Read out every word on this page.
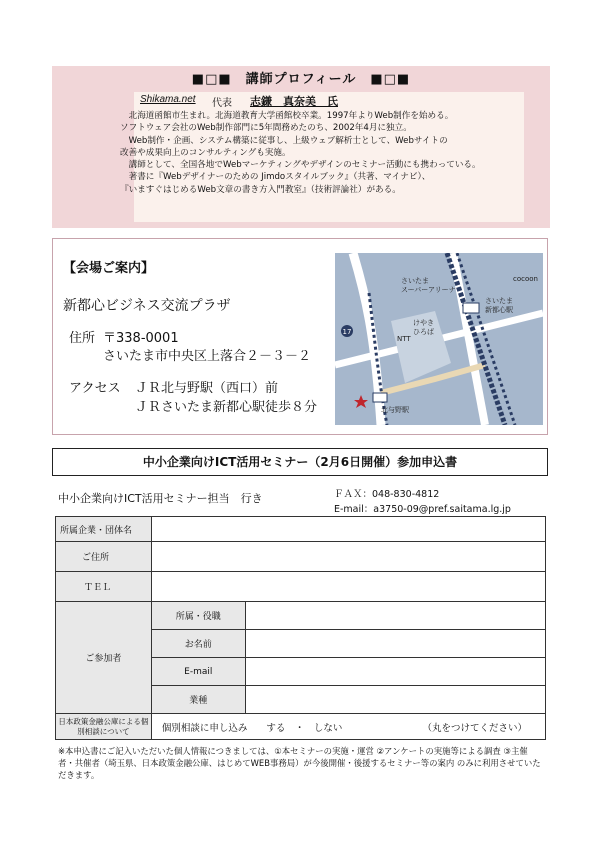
■□■　講師プロフィール　■□■
Shikama.net 代表 志鎌　真奈美　氏

北海道函館市生まれ。北海道教育大学函館校卒業。1997年よりWeb制作を始める。

ソフトウェア会社のWeb制作部門に5年間務めたのち、2002年4月に独立。

Web制作・企画、システム構築に従事し、上級ウェブ解析士として、Webサイトの

改善や成果向上のコンサルティングも実施。

講師として、全国各地でWebマーケティングやデザインのセミナー活動にも携わっている。

著書に『Webデザイナーのための Jimdoスタイルブック』（共著、マイナビ）、

『いますぐはじめるWeb文章の書き方入門教室』（技術評論社）がある。

【会場ご案内】
新都心ビジネス交流プラザ
住所 〒338-0001
さいたま市中央区上落合２－３－２
アクセス ＪＲ北与野駅（西口）前
ＪＲさいたま新都心駅徒歩８分
17
さいたまスーパーアリーナ
さいたま新都心駅
cocoon
けやきひろば
NTT
北与野駅
中小企業向けICT活用セミナー（2月6日開催）参加申込書
中小企業向けICT活用セミナー担当　行き	ＦＡＸ：048-830-4812
E-mail：a3750-09@pref.saitama.lg.jp
所属企業・団体名		
ご住所		
ＴＥＬ		
ご参加者	所属・役職	
	お名前	
	E-mail	
	業種	
日本政策金融公庫による個別相談について	個別相談に申し込み　　する　・　しない （丸をつけてください）	

※本申込書にご記入いただいた個人情報につきましては、①本セミナーの実施・運営 ②アンケートの実施等による調査 ③主催者・共催者（埼玉県、日本政策金融公庫、はじめてWEB事務局）が今後開催・後援するセミナー等の案内 のみに利用させていただきます。
